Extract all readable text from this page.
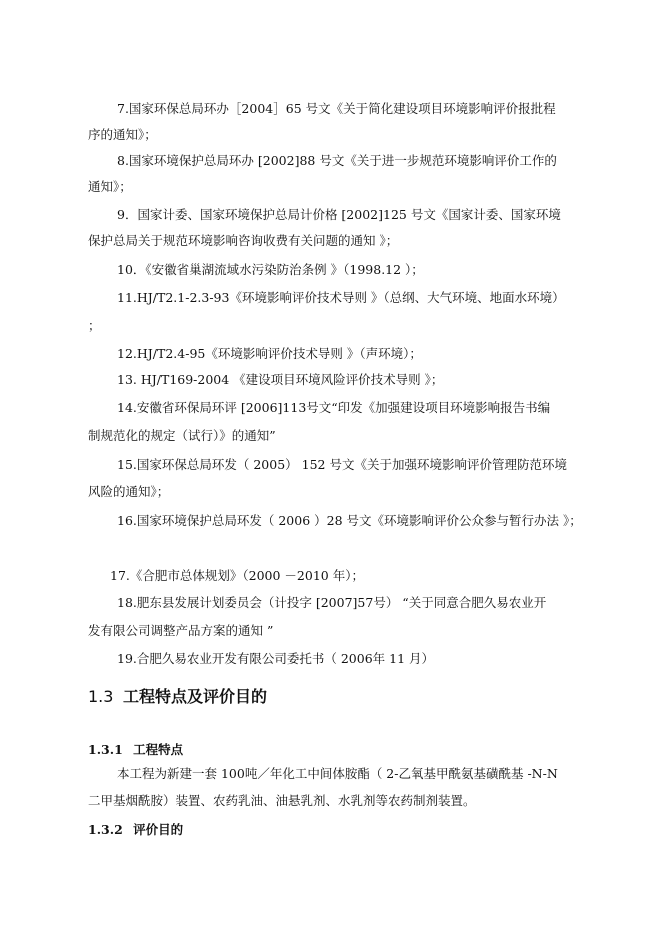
7.国家环保总局环办［2004］65 号文《关于简化建设项目环境影响评价报批程
序的通知》；
8.国家环境保护总局环办 [2002]88 号文《关于进一步规范环境影响评价工作的
通知》；
9．国家计委、国家环境保护总局计价格 [2002]125 号文《国家计委、国家环境
保护总局关于规范环境影响咨询收费有关问题的通知 》；
10．《安徽省巢湖流域水污染防治条例 》（1998.12 ）；
11.HJ/T2.1-2.3-93《环境影响评价技术导则 》（总纲、大气环境、地面水环境）
；
12.HJ/T2.4-95《环境影响评价技术导则 》（声环境）；
13. HJ/T169-2004 《建设项目环境风险评价技术导则 》；
14.安徽省环保局环评 [2006]113号文“印发《加强建设项目环境影响报告书编
制规范化的规定（试行）》的通知”
15.国家环保总局环发（ 2005） 152 号文《关于加强环境影响评价管理防范环境
风险的通知》；
16.国家环境保护总局环发（ 2006 ）28 号文《环境影响评价公众参与暂行办法 》；
17.《合肥市总体规划》（2000 －2010 年）；
18.肥东县发展计划委员会（计投字 [2007]57号） “关于同意合肥久易农业开
发有限公司调整产品方案的通知 ”
19.合肥久易农业开发有限公司委托书（ 2006年 11 月）
1.3 工程特点及评价目的
1.3.1 工程特点
本工程为新建一套 100吨／年化工中间体胺酯（ 2-乙氧基甲酰氨基磺酰基 -N-N
二甲基烟酰胺）装置、农药乳油、油悬乳剂、水乳剂等农药制剂装置。
1.3.2 评价目的
